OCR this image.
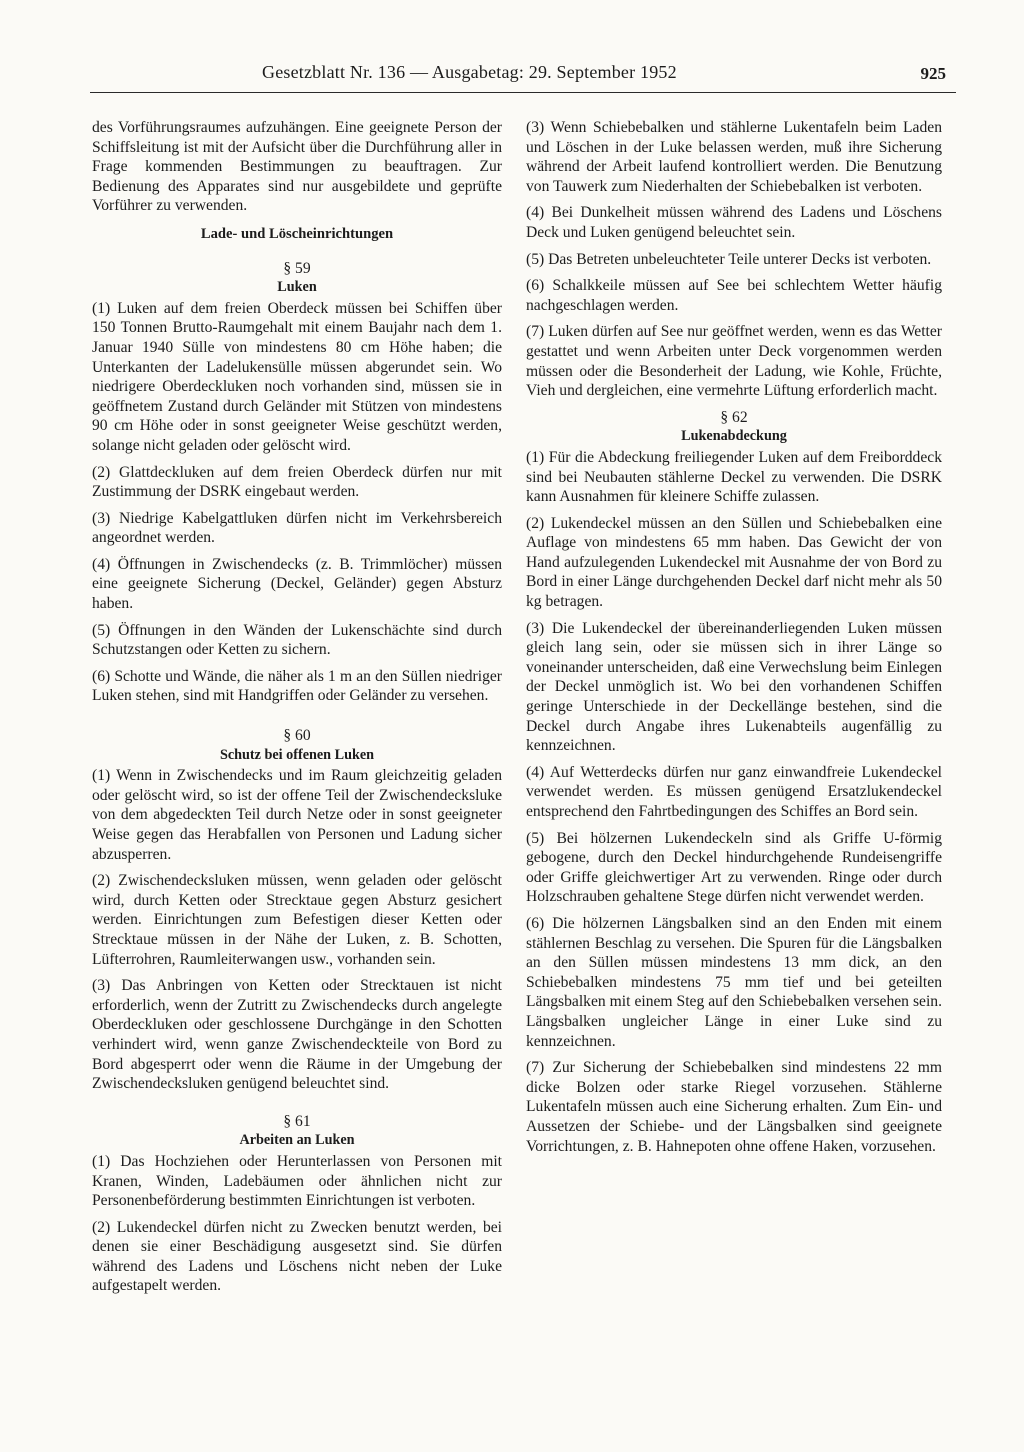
Gesetzblatt Nr. 136 — Ausgabetag: 29. September 1952	925

des Vorführungsraumes aufzuhängen. Eine geeignete Person der Schiffsleitung ist mit der Aufsicht über die Durchführung aller in Frage kommenden Bestimmungen zu beauftragen. Zur Bedienung des Apparates sind nur ausgebildete und geprüfte Vorführer zu verwenden.

Lade- und Löscheinrichtungen
§ 59
Luken

(1) Luken auf dem freien Oberdeck müssen bei Schiffen über 150 Tonnen Brutto-Raumgehalt mit einem Baujahr nach dem 1. Januar 1940 Sülle von mindestens 80 cm Höhe haben; die Unterkanten der Ladelukensülle müssen abgerundet sein. Wo niedrigere Oberdeckluken noch vorhanden sind, müssen sie in geöffnetem Zustand durch Geländer mit Stützen von mindestens 90 cm Höhe oder in sonst geeigneter Weise geschützt werden, solange nicht geladen oder gelöscht wird.

(2) Glattdeckluken auf dem freien Oberdeck dürfen nur mit Zustimmung der DSRK eingebaut werden.

(3) Niedrige Kabelgattluken dürfen nicht im Verkehrsbereich angeordnet werden.

(4) Öffnungen in Zwischendecks (z. B. Trimmlöcher) müssen eine geeignete Sicherung (Deckel, Geländer) gegen Absturz haben.

(5) Öffnungen in den Wänden der Lukenschächte sind durch Schutzstangen oder Ketten zu sichern.

(6) Schotte und Wände, die näher als 1 m an den Süllen niedriger Luken stehen, sind mit Handgriffen oder Geländer zu versehen.

§ 60
Schutz bei offenen Luken

(1) Wenn in Zwischendecks und im Raum gleichzeitig geladen oder gelöscht wird, so ist der offene Teil der Zwischendecksluke von dem abgedeckten Teil durch Netze oder in sonst geeigneter Weise gegen das Herabfallen von Personen und Ladung sicher abzusperren.

(2) Zwischendecksluken müssen, wenn geladen oder gelöscht wird, durch Ketten oder Strecktaue gegen Absturz gesichert werden. Einrichtungen zum Befestigen dieser Ketten oder Strecktaue müssen in der Nähe der Luken, z. B. Schotten, Lüfterrohren, Raumleiterwangen usw., vorhanden sein.

(3) Das Anbringen von Ketten oder Strecktauen ist nicht erforderlich, wenn der Zutritt zu Zwischendecks durch angelegte Oberdeckluken oder geschlossene Durchgänge in den Schotten verhindert wird, wenn ganze Zwischendeckteile von Bord zu Bord abgesperrt oder wenn die Räume in der Umgebung der Zwischendecksluken genügend beleuchtet sind.

§ 61
Arbeiten an Luken

(1) Das Hochziehen oder Herunterlassen von Personen mit Kranen, Winden, Ladebäumen oder ähnlichen nicht zur Personenbeförderung bestimmten Einrichtungen ist verboten.

(2) Lukendeckel dürfen nicht zu Zwecken benutzt werden, bei denen sie einer Beschädigung ausgesetzt sind. Sie dürfen während des Ladens und Löschens nicht neben der Luke aufgestapelt werden.

(3) Wenn Schiebebalken und stählerne Lukentafeln beim Laden und Löschen in der Luke belassen werden, muß ihre Sicherung während der Arbeit laufend kontrolliert werden. Die Benutzung von Tauwerk zum Niederhalten der Schiebebalken ist verboten.

(4) Bei Dunkelheit müssen während des Ladens und Löschens Deck und Luken genügend beleuchtet sein.

(5) Das Betreten unbeleuchteter Teile unterer Decks ist verboten.

(6) Schalkkeile müssen auf See bei schlechtem Wetter häufig nachgeschlagen werden.

(7) Luken dürfen auf See nur geöffnet werden, wenn es das Wetter gestattet und wenn Arbeiten unter Deck vorgenommen werden müssen oder die Besonderheit der Ladung, wie Kohle, Früchte, Vieh und dergleichen, eine vermehrte Lüftung erforderlich macht.

§ 62
Lukenabdeckung

(1) Für die Abdeckung freiliegender Luken auf dem Freiborddeck sind bei Neubauten stählerne Deckel zu verwenden. Die DSRK kann Ausnahmen für kleinere Schiffe zulassen.

(2) Lukendeckel müssen an den Süllen und Schiebebalken eine Auflage von mindestens 65 mm haben. Das Gewicht der von Hand aufzulegenden Lukendeckel mit Ausnahme der von Bord zu Bord in einer Länge durchgehenden Deckel darf nicht mehr als 50 kg betragen.

(3) Die Lukendeckel der übereinanderliegenden Luken müssen gleich lang sein, oder sie müssen sich in ihrer Länge so voneinander unterscheiden, daß eine Verwechslung beim Einlegen der Deckel unmöglich ist. Wo bei den vorhandenen Schiffen geringe Unterschiede in der Deckellänge bestehen, sind die Deckel durch Angabe ihres Lukenabteils augenfällig zu kennzeichnen.

(4) Auf Wetterdecks dürfen nur ganz einwandfreie Lukendeckel verwendet werden. Es müssen genügend Ersatzlukendeckel entsprechend den Fahrtbedingungen des Schiffes an Bord sein.

(5) Bei hölzernen Lukendeckeln sind als Griffe U-förmig gebogene, durch den Deckel hindurchgehende Rundeisengriffe oder Griffe gleichwertiger Art zu verwenden. Ringe oder durch Holzschrauben gehaltene Stege dürfen nicht verwendet werden.

(6) Die hölzernen Längsbalken sind an den Enden mit einem stählernen Beschlag zu versehen. Die Spuren für die Längsbalken an den Süllen müssen mindestens 13 mm dick, an den Schiebebalken mindestens 75 mm tief und bei geteilten Längsbalken mit einem Steg auf den Schiebebalken versehen sein. Längsbalken ungleicher Länge in einer Luke sind zu kennzeichnen.

(7) Zur Sicherung der Schiebebalken sind mindestens 22 mm dicke Bolzen oder starke Riegel vorzusehen. Stählerne Lukentafeln müssen auch eine Sicherung erhalten. Zum Ein- und Aussetzen der Schiebe- und der Längsbalken sind geeignete Vorrichtungen, z. B. Hahnepoten ohne offene Haken, vorzusehen.
